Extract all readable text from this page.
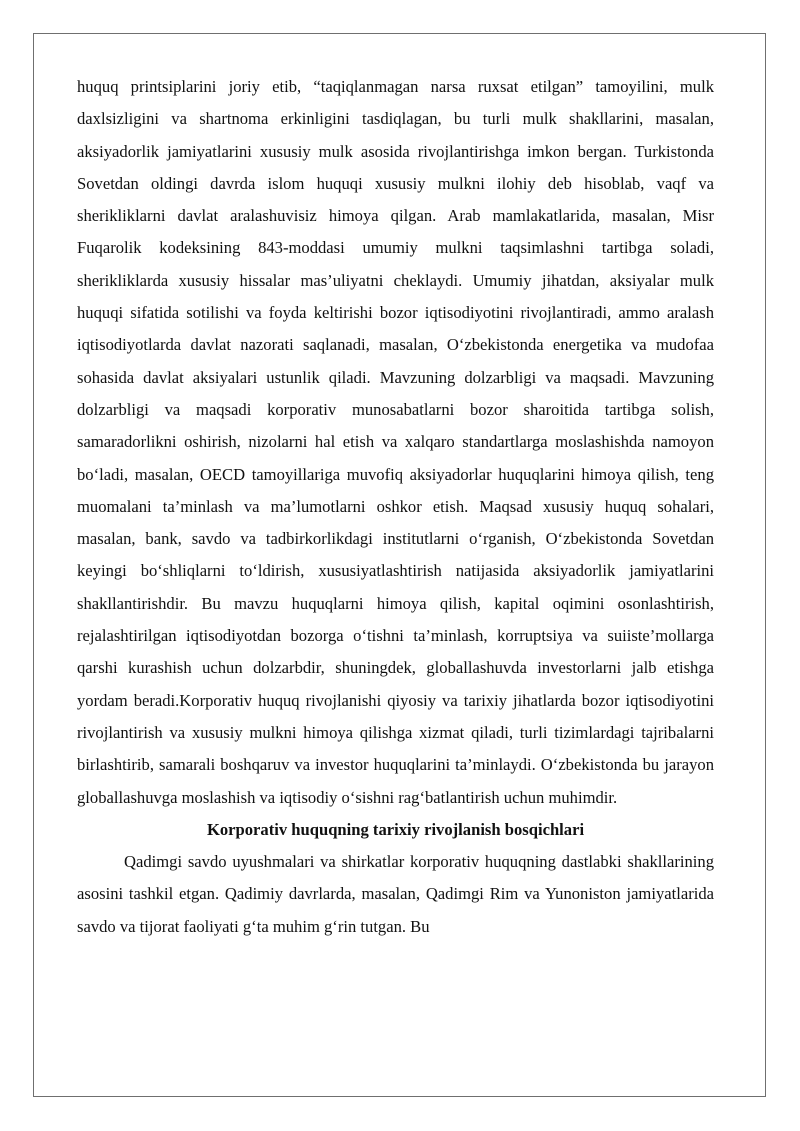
huquq printsiplarini joriy etib, “taqiqlanmagan narsa ruxsat etilgan” tamoyilini, mulk daxlsizligini va shartnoma erkinligini tasdiqlagan, bu turli mulk shakllarini, masalan, aksiyadorlik jamiyatlarini xususiy mulk asosida rivojlantirishga imkon bergan. Turkistonda Sovetdan oldingi davrda islom huquqi xususiy mulkni ilohiy deb hisoblab, vaqf va sherikliklarni davlat aralashuvisiz himoya qilgan. Arab mamlakatlarida, masalan, Misr Fuqarolik kodeksining 843-moddasi umumiy mulkni taqsimlashni tartibga soladi, sherikliklarda xususiy hissalar mas’uliyatni cheklaydi. Umumiy jihatdan, aksiyalar mulk huquqi sifatida sotilishi va foyda keltirishi bozor iqtisodiyotini rivojlantiradi, ammo aralash iqtisodiyotlarda davlat nazorati saqlanadi, masalan, O‘zbekistonda energetika va mudofaa sohasida davlat aksiyalari ustunlik qiladi. Mavzuning dolzarbligi va maqsadi. Mavzuning dolzarbligi va maqsadi korporativ munosabatlarni bozor sharoitida tartibga solish, samaradorlikni oshirish, nizolarni hal etish va xalqaro standartlarga moslashishda namoyon bo‘ladi, masalan, OECD tamoyillariga muvofiq aksiyadorlar huquqlarini himoya qilish, teng muomalani ta’minlash va ma’lumotlarni oshkor etish. Maqsad xususiy huquq sohalari, masalan, bank, savdo va tadbirkorlikdagi institutlarni o‘rganish, O‘zbekistonda Sovetdan keyingi bo‘shliqlarni to‘ldirish, xususiyatlashtirish natijasida aksiyadorlik jamiyatlarini shakllantirishdir. Bu mavzu huquqlarni himoya qilish, kapital oqimini osonlashtirish, rejalashtirilgan iqtisodiyotdan bozorga o‘tishni ta’minlash, korruptsiya va suiiste’mollarga qarshi kurashish uchun dolzarbdir, shuningdek, globallashuvda investorlarni jalb etishga yordam beradi.Korporativ huquq rivojlanishi qiyosiy va tarixiy jihatlarda bozor iqtisodiyotini rivojlantirish va xususiy mulkni himoya qilishga xizmat qiladi, turli tizimlardagi tajribalarni birlashtirib, samarali boshqaruv va investor huquqlarini ta’minlaydi. O‘zbekistonda bu jarayon globallashuvga moslashish va iqtisodiy o‘sishni rag‘batlantirish uchun muhimdir.

Korporativ huquqning tarixiy rivojlanish bosqichlari

Qadimgi savdo uyushmalari va shirkatlar korporativ huquqning dastlabki shakllarining asosini tashkil etgan. Qadimiy davrlarda, masalan, Qadimgi Rim va Yunoniston jamiyatlarida savdo va tijorat faoliyati g‘ta muhim g‘rin tutgan. Bu
